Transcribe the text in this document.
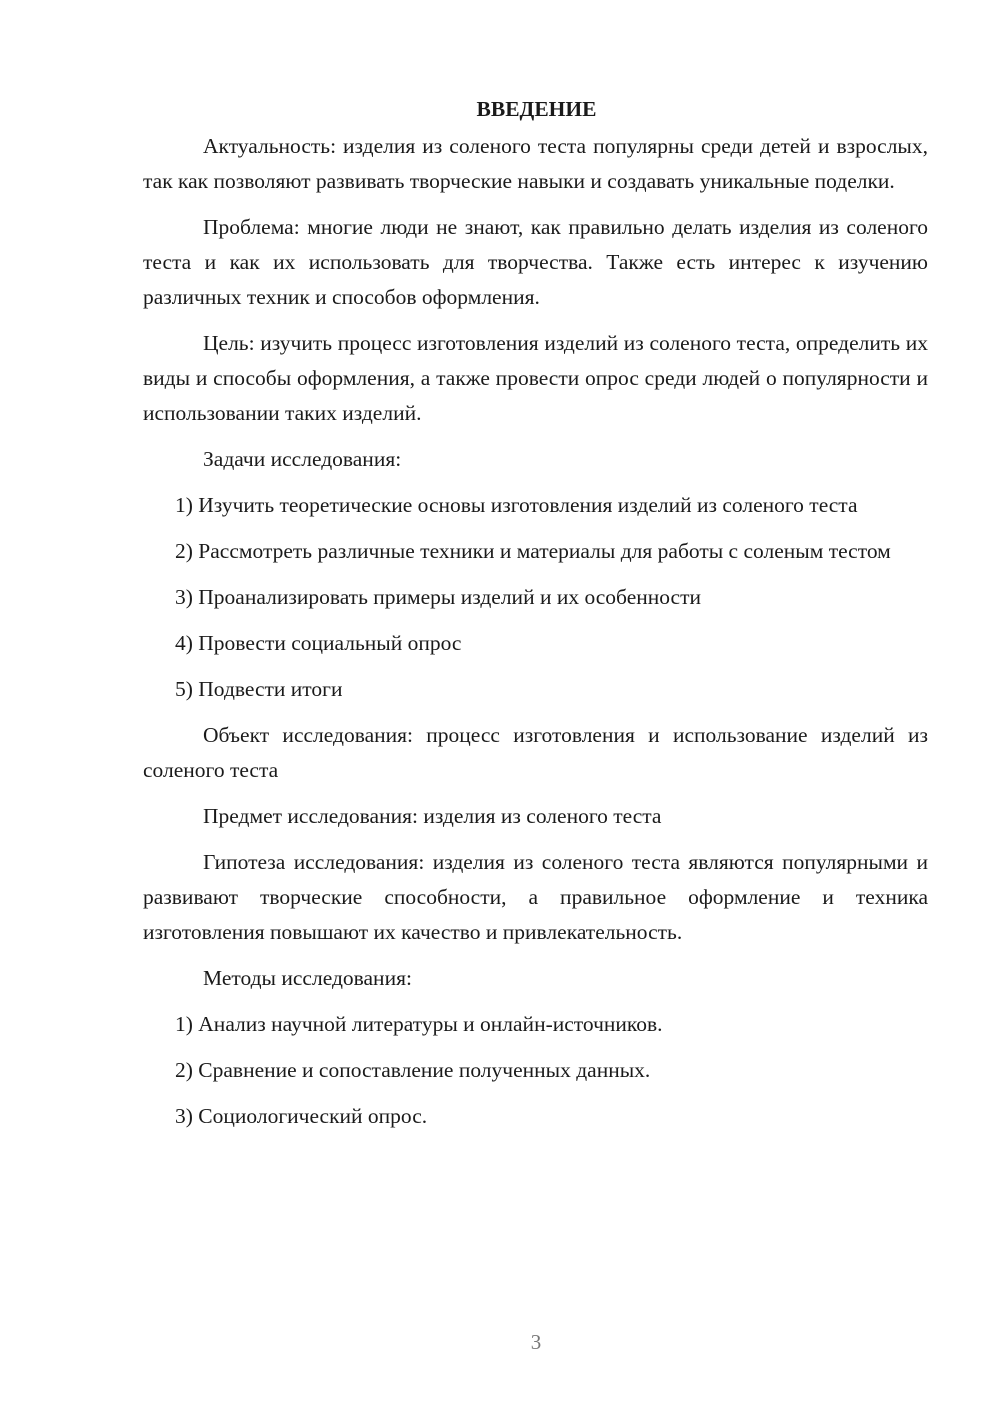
ВВЕДЕНИЕ
Актуальность: изделия из соленого теста популярны среди детей и взрослых, так как позволяют развивать творческие навыки и создавать уникальные поделки.
Проблема: многие люди не знают, как правильно делать изделия из соленого теста и как их использовать для творчества. Также есть интерес к изучению различных техник и способов оформления.
Цель: изучить процесс изготовления изделий из соленого теста, определить их виды и способы оформления, а также провести опрос среди людей о популярности и использовании таких изделий.
Задачи исследования:
1) Изучить теоретические основы изготовления изделий из соленого теста
2) Рассмотреть различные техники и материалы для работы с соленым тестом
3) Проанализировать примеры изделий и их особенности
4) Провести социальный опрос
5) Подвести итоги
Объект исследования: процесс изготовления и использование изделий из соленого теста
Предмет исследования: изделия из соленого теста
Гипотеза исследования: изделия из соленого теста являются популярными и развивают творческие способности, а правильное оформление и техника изготовления повышают их качество и привлекательность.
Методы исследования:
1) Анализ научной литературы и онлайн-источников.
2) Сравнение и сопоставление полученных данных.
3) Социологический опрос.
3
